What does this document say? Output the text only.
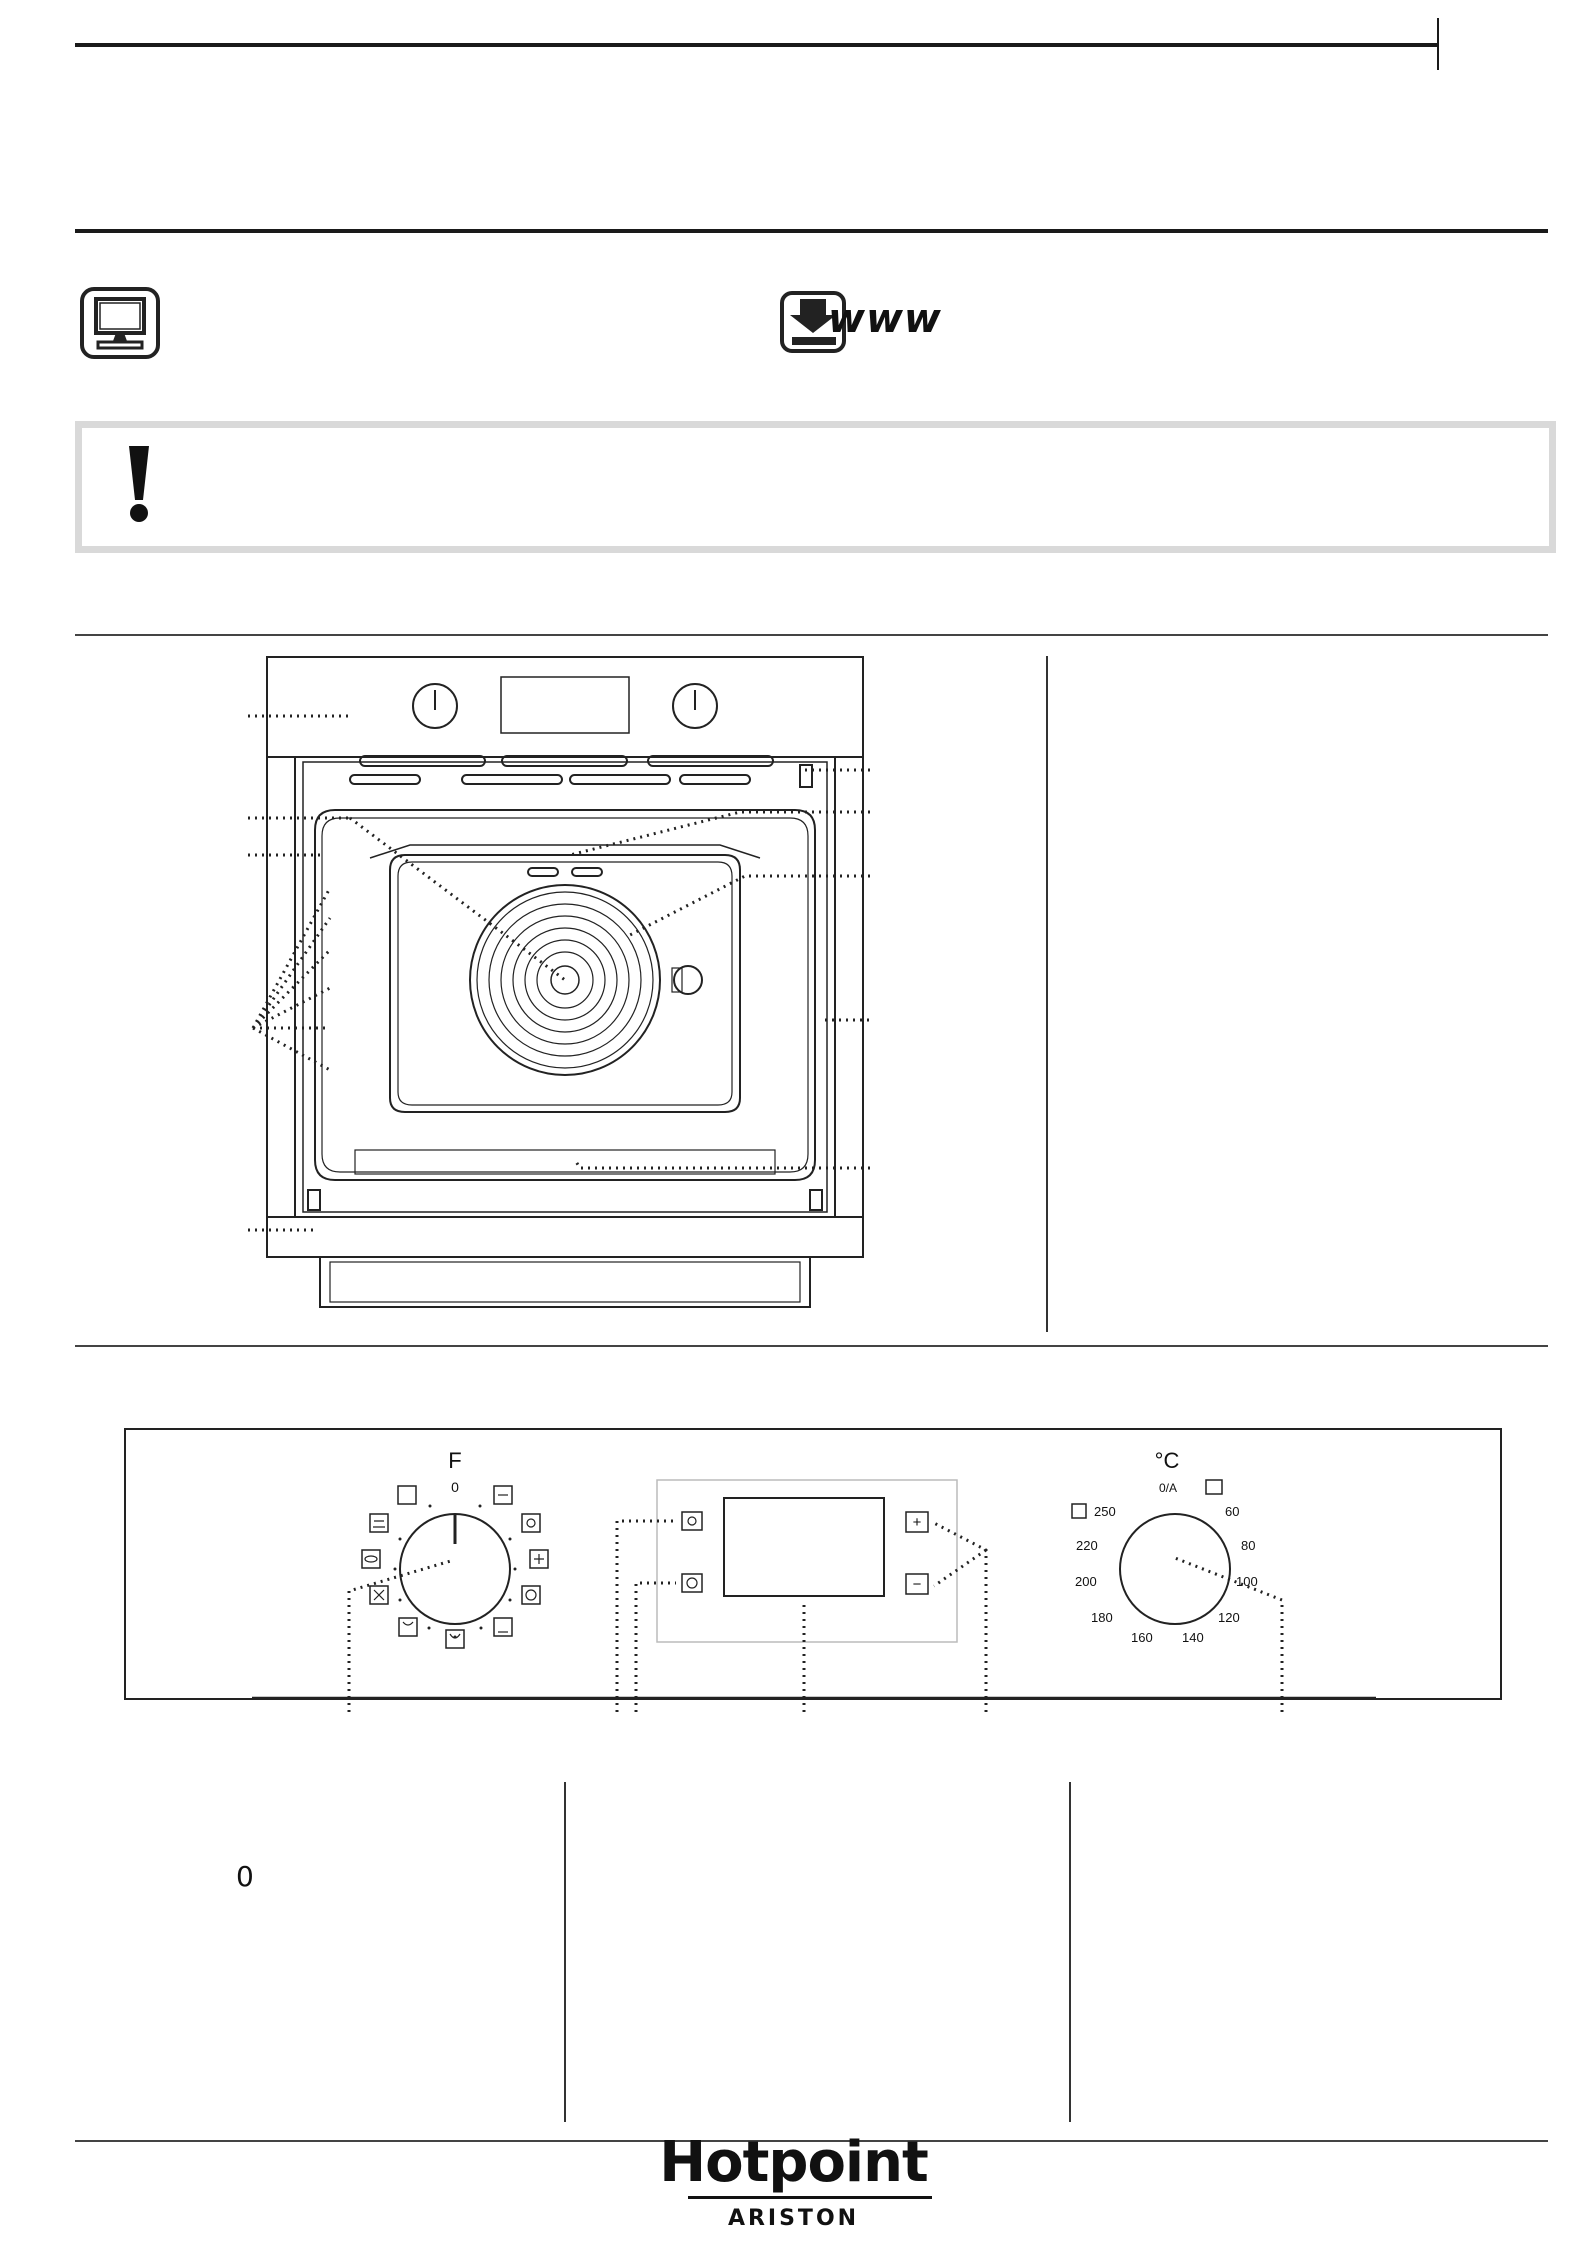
www
F
0
+
−
°C
0/A
250
220
200
180
160 140
120
100
80
60
0
Hotpoint
ARISTON
